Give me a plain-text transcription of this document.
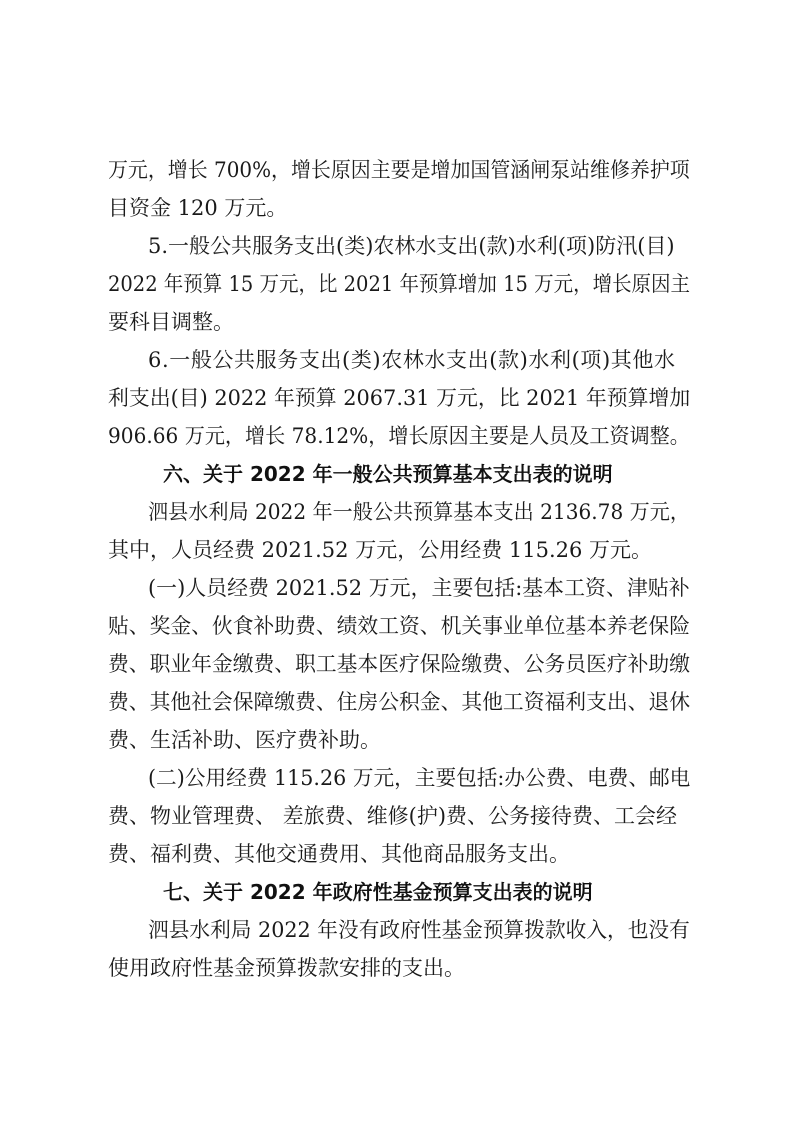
万元，增长 700%，增长原因主要是增加国管涵闸泵站维修养护项
目资金 120 万元。
5.一般公共服务支出(类)农林水支出(款)水利(项)防汛(目)
2022 年预算 15 万元，比 2021 年预算增加 15 万元，增长原因主
要科目调整。
6.一般公共服务支出(类)农林水支出(款)水利(项)其他水
利支出(目) 2022 年预算 2067.31 万元，比 2021 年预算增加
906.66 万元，增长 78.12%，增长原因主要是人员及工资调整。
六、关于 2022 年一般公共预算基本支出表的说明
泗县水利局 2022 年一般公共预算基本支出 2136.78 万元，
其中，人员经费 2021.52 万元，公用经费 115.26 万元。
(一)人员经费 2021.52 万元，主要包括:基本工资、津贴补
贴、奖金、伙食补助费、绩效工资、机关事业单位基本养老保险
费、职业年金缴费、职工基本医疗保险缴费、公务员医疗补助缴
费、其他社会保障缴费、住房公积金、其他工资福利支出、退休
费、生活补助、医疗费补助。
(二)公用经费 115.26 万元，主要包括:办公费、电费、邮电
费、物业管理费、 差旅费、维修(护)费、公务接待费、工会经
费、福利费、其他交通费用、其他商品服务支出。
七、关于 2022 年政府性基金预算支出表的说明
泗县水利局 2022 年没有政府性基金预算拨款收入，也没有
使用政府性基金预算拨款安排的支出。
